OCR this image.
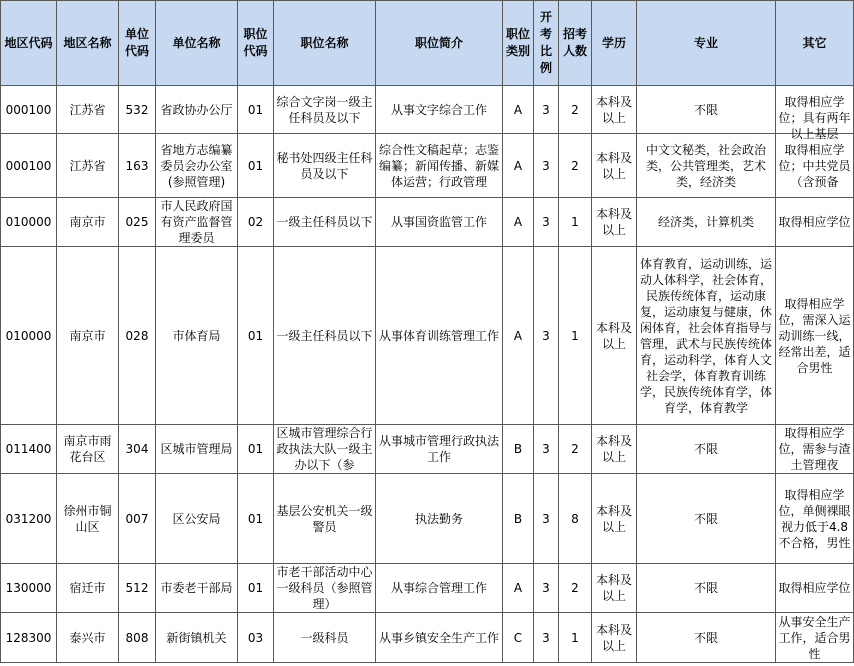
地区代码	地区名称	单位代码	单位名称	职位代码	职位名称	职位简介	职位类别	开考比例	招考人数	学历	专业	其它

000100	江苏省	532	省政协办公厅	01	综合文字岗一级主任科员及以下	从事文字综合工作	A	3	2	本科及以上	不限	取得相应学位；具有两年以上基层

000100	江苏省	163	省地方志编纂委员会办公室(参照管理)	01	秘书处四级主任科员及以下	综合性文稿起草；志鉴编纂；新闻传播、新媒体运营；行政管理	A	3	2	本科及以上	中文文秘类，社会政治类，公共管理类，艺术类，经济类	取得相应学位；中共党员（含预备

010000	南京市	025	市人民政府国有资产监督管理委员	02	一级主任科员以下	从事国资监管工作	A	3	1	本科及以上	经济类，计算机类	取得相应学位

010000	南京市	028	市体育局	01	一级主任科员以下	从事体育训练管理工作	A	3	1	本科及以上	体育教育，运动训练，运动人体科学，社会体育，民族传统体育，运动康复，运动康复与健康，休闲体育，社会体育指导与管理，武术与民族传统体育，运动科学，体育人文社会学，体育教育训练学，民族传统体育学，体育学，体育教学	取得相应学位，需深入运动训练一线，经常出差，适合男性

011400	南京市雨花台区	304	区城市管理局	01	区城市管理综合行政执法大队一级主办以下（参	从事城市管理行政执法工作	B	3	2	本科及以上	不限	取得相应学位，需参与渣土管理夜

031200	徐州市铜山区	007	区公安局	01	基层公安机关一级警员	执法勤务	B	3	8	本科及以上	不限	取得相应学位，单侧裸眼视力低于4.8不合格，男性

130000	宿迁市	512	市委老干部局	01	市老干部活动中心一级科员（参照管理）	从事综合管理工作	A	3	2	本科及以上	不限	取得相应学位

128300	泰兴市	808	新街镇机关	03	一级科员	从事乡镇安全生产工作	C	3	1	本科及以上	不限	从事安全生产工作，适合男性
